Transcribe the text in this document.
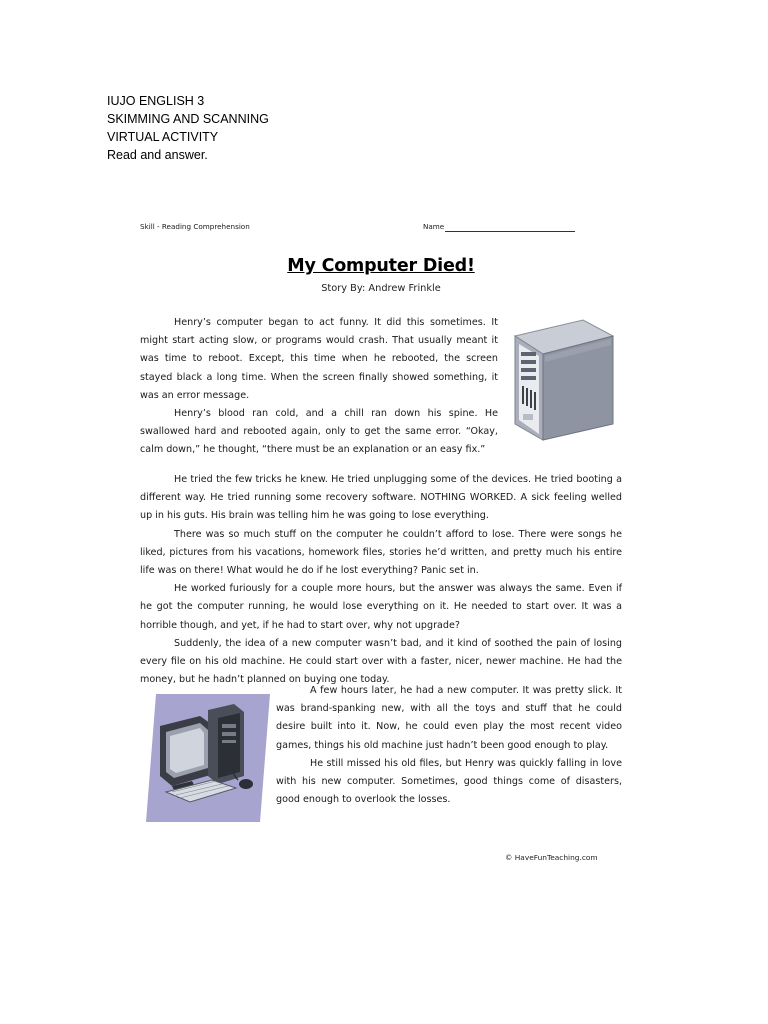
IUJO ENGLISH 3
SKIMMING AND SCANNING
VIRTUAL ACTIVITY
Read and answer.
Skill - Reading Comprehension	Name
My Computer Died!
Story By: Andrew Frinkle

Henry’s computer began to act funny. It did this sometimes. It might start acting slow, or programs would crash. That usually meant it was time to reboot. Except, this time when he rebooted, the screen stayed black a long time. When the screen finally showed something, it was an error message.

Henry’s blood ran cold, and a chill ran down his spine. He swallowed hard and rebooted again, only to get the same error. “Okay, calm down,” he thought, “there must be an explanation or an easy fix.”

He tried the few tricks he knew. He tried unplugging some of the devices. He tried booting a different way. He tried running some recovery software. NOTHING WORKED. A sick feeling welled up in his guts. His brain was telling him he was going to lose everything.

There was so much stuff on the computer he couldn’t afford to lose. There were songs he liked, pictures from his vacations, homework files, stories he’d written, and pretty much his entire life was on there! What would he do if he lost everything? Panic set in.

He worked furiously for a couple more hours, but the answer was always the same. Even if he got the computer running, he would lose everything on it. He needed to start over. It was a horrible though, and yet, if he had to start over, why not upgrade?

Suddenly, the idea of a new computer wasn’t bad, and it kind of soothed the pain of losing every file on his old machine. He could start over with a faster, nicer, newer machine. He had the money, but he hadn’t planned on buying one today.

A few hours later, he had a new computer. It was pretty slick. It was brand-spanking new, with all the toys and stuff that he could desire built into it. Now, he could even play the most recent video games, things his old machine just hadn’t been good enough to play.

He still missed his old files, but Henry was quickly falling in love with his new computer. Sometimes, good things come of disasters, good enough to overlook the losses.

© HaveFunTeaching.com
